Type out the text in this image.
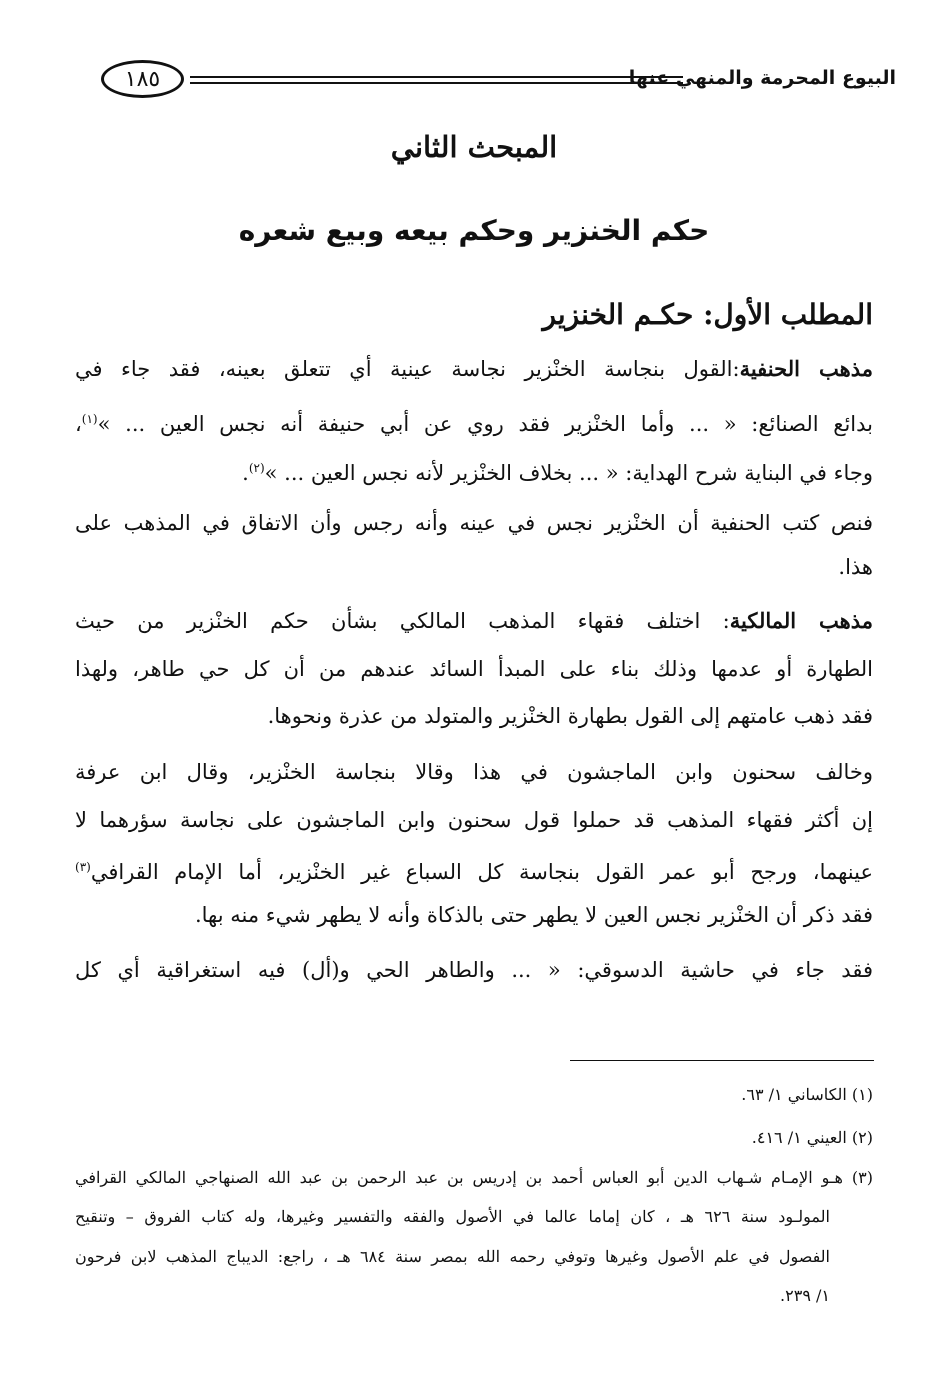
البيوع المحرمة والمنهي عنها
١٨٥
المبحث الثاني
حكم الخنزير وحكم بيعه وبيع شعره
المطلب الأول: حكـم الخنزير
مذهب الحنفية:القول بنجاسة الخنْزير نجاسة عينية أي تتعلق بعينه، فقد جاء في
بدائع الصنائع: « ... وأما الخنْزير فقد روي عن أبي حنيفة أنه نجس العين ... »$^{(١)}$،
وجاء في البناية شرح الهداية: « ... بخلاف الخنْزير لأنه نجس العين ... »$^{(٢)}$.
فنص كتب الحنفية أن الخنْزير نجس في عينه وأنه رجس وأن الاتفاق في المذهب على
هذا.
مذهب المالكية: اختلف فقهاء المذهب المالكي بشأن حكم الخنْزير من حيث
الطهارة أو عدمها وذلك بناء على المبدأ السائد عندهم من أن كل حي طاهر، ولهذا
فقد ذهب عامتهم إلى القول بطهارة الخنْزير والمتولد من عذرة ونحوها.
وخالف سحنون وابن الماجشون في هذا وقالا بنجاسة الخنْزير، وقال ابن عرفة
إن أكثر فقهاء المذهب قد حملوا قول سحنون وابن الماجشون على نجاسة سؤرهما لا
عينهما، ورجح أبو عمر القول بنجاسة كل السباع غير الخنْزير، أما الإمام القرافي$^{(٣)}$
فقد ذكر أن الخنْزير نجس العين لا يطهر حتى بالذكاة وأنه لا يطهر شيء منه بها.
فقد جاء في حاشية الدسوقي: « ... والطاهر الحي و(أل) فيه استغراقية أي كل
(١) الكاساني ١/ ٦٣.
(٢) العيني ١/ ٤١٦.
(٣) هـو الإمـام شـهاب الدين أبو العباس أحمد بن إدريس بن عبد الرحمن بن عبد الله الصنهاجي المالكي القرافي
المولـود سنة ٦٢٦ هـ ، كان إماما عالما في الأصول والفقه والتفسير وغيرها، وله كتاب الفروق – وتنقيح
الفصول في علم الأصول وغيرها وتوفي رحمه الله بمصر سنة ٦٨٤ هـ ، راجع: الديباج المذهب لابن فرحون
١/ ٢٣٩.
